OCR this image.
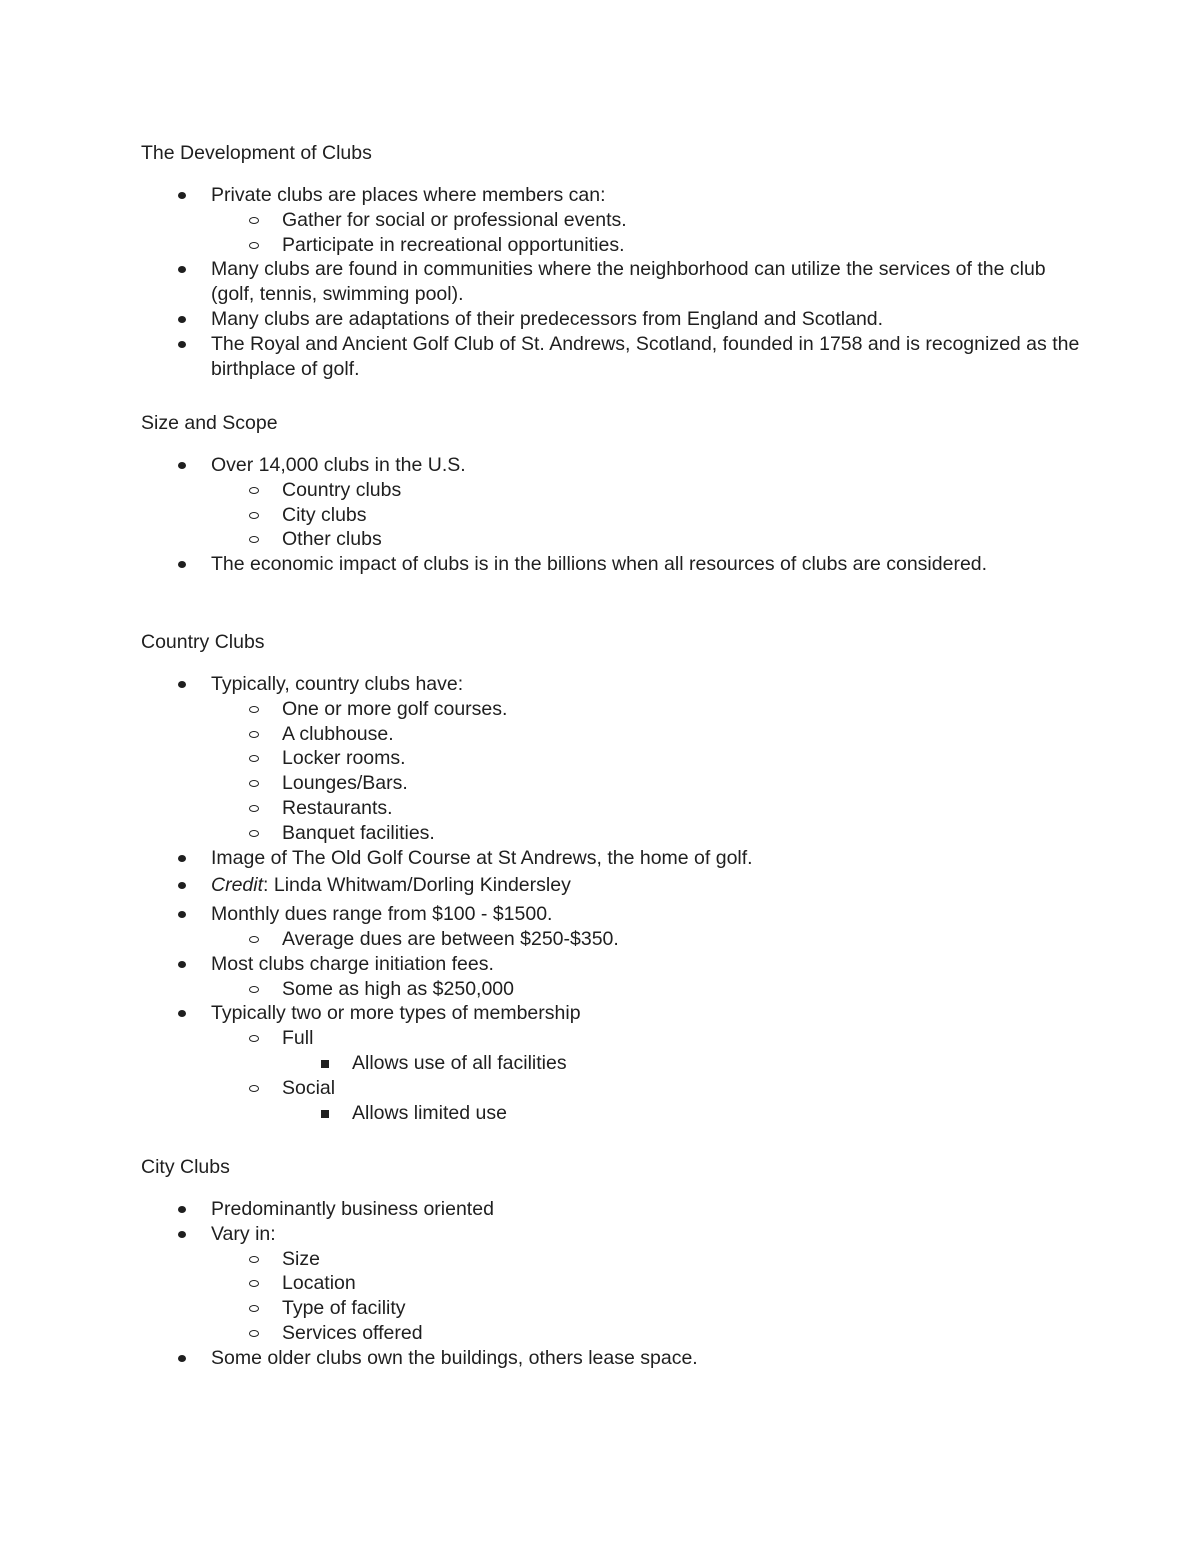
The Development of Clubs
Private clubs are places where members can:
Gather for social or professional events.
Participate in recreational opportunities.
Many clubs are found in communities where the neighborhood can utilize the services of the club (golf, tennis, swimming pool).
Many clubs are adaptations of their predecessors from England and Scotland.
The Royal and Ancient Golf Club of St. Andrews, Scotland, founded in 1758 and is recognized as the birthplace of golf.
Size and Scope
Over 14,000 clubs in the U.S.
Country clubs
City clubs
Other clubs
The economic impact of clubs is in the billions when all resources of clubs are considered.
Country Clubs
Typically, country clubs have:
One or more golf courses.
A clubhouse.
Locker rooms.
Lounges/Bars.
Restaurants.
Banquet facilities.
Image of The Old Golf Course at St Andrews, the home of golf.
Credit: Linda Whitwam/Dorling Kindersley
Monthly dues range from $100 - $1500.
Average dues are between $250-$350.
Most clubs charge initiation fees.
Some as high as $250,000
Typically two or more types of membership
Full
Allows use of all facilities
Social
Allows limited use
City Clubs
Predominantly business oriented
Vary in:
Size
Location
Type of facility
Services offered
Some older clubs own the buildings, others lease space.
